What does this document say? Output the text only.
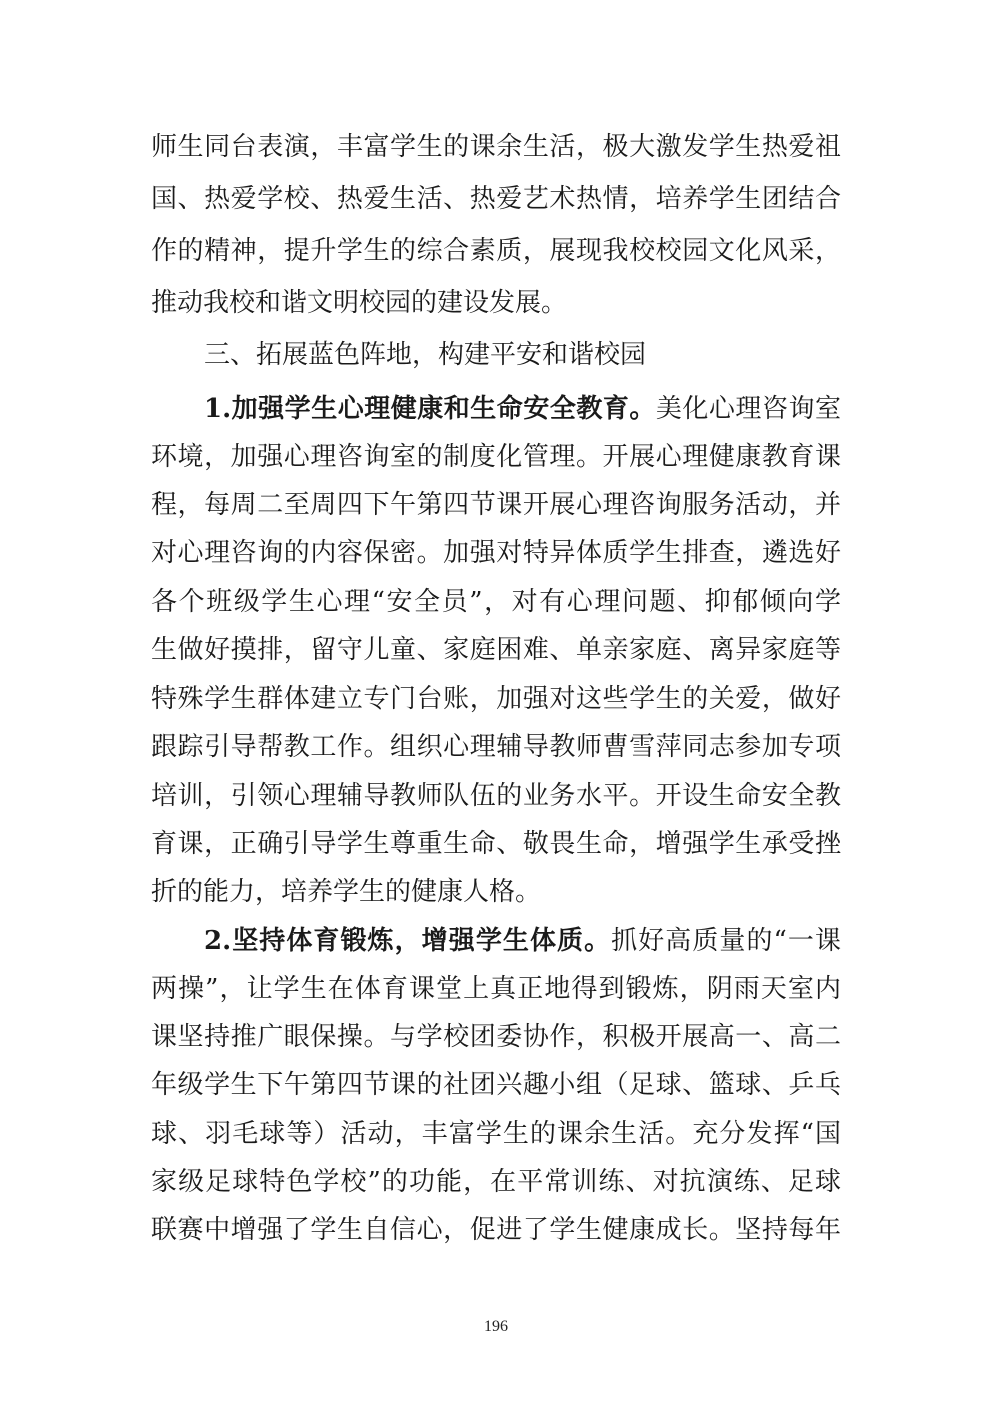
师生同台表演，丰富学生的课余生活，极大激发学生热爱祖
国、热爱学校、热爱生活、热爱艺术热情，培养学生团结合
作的精神，提升学生的综合素质，展现我校校园文化风采，
推动我校和谐文明校园的建设发展。
三、拓展蓝色阵地，构建平安和谐校园
1.加强学生心理健康和生命安全教育。美化心理咨询室
环境，加强心理咨询室的制度化管理。开展心理健康教育课
程，每周二至周四下午第四节课开展心理咨询服务活动，并
对心理咨询的内容保密。加强对特异体质学生排查，遴选好
各个班级学生心理“安全员”，对有心理问题、抑郁倾向学
生做好摸排，留守儿童、家庭困难、单亲家庭、离异家庭等
特殊学生群体建立专门台账，加强对这些学生的关爱，做好
跟踪引导帮教工作。组织心理辅导教师曹雪萍同志参加专项
培训，引领心理辅导教师队伍的业务水平。开设生命安全教
育课，正确引导学生尊重生命、敬畏生命，增强学生承受挫
折的能力，培养学生的健康人格。
2.坚持体育锻炼，增强学生体质。抓好高质量的“一课
两操”，让学生在体育课堂上真正地得到锻炼，阴雨天室内
课坚持推广眼保操。与学校团委协作，积极开展高一、高二
年级学生下午第四节课的社团兴趣小组（足球、篮球、乒乓
球、羽毛球等）活动，丰富学生的课余生活。充分发挥“国
家级足球特色学校”的功能，在平常训练、对抗演练、足球
联赛中增强了学生自信心，促进了学生健康成长。坚持每年
196
